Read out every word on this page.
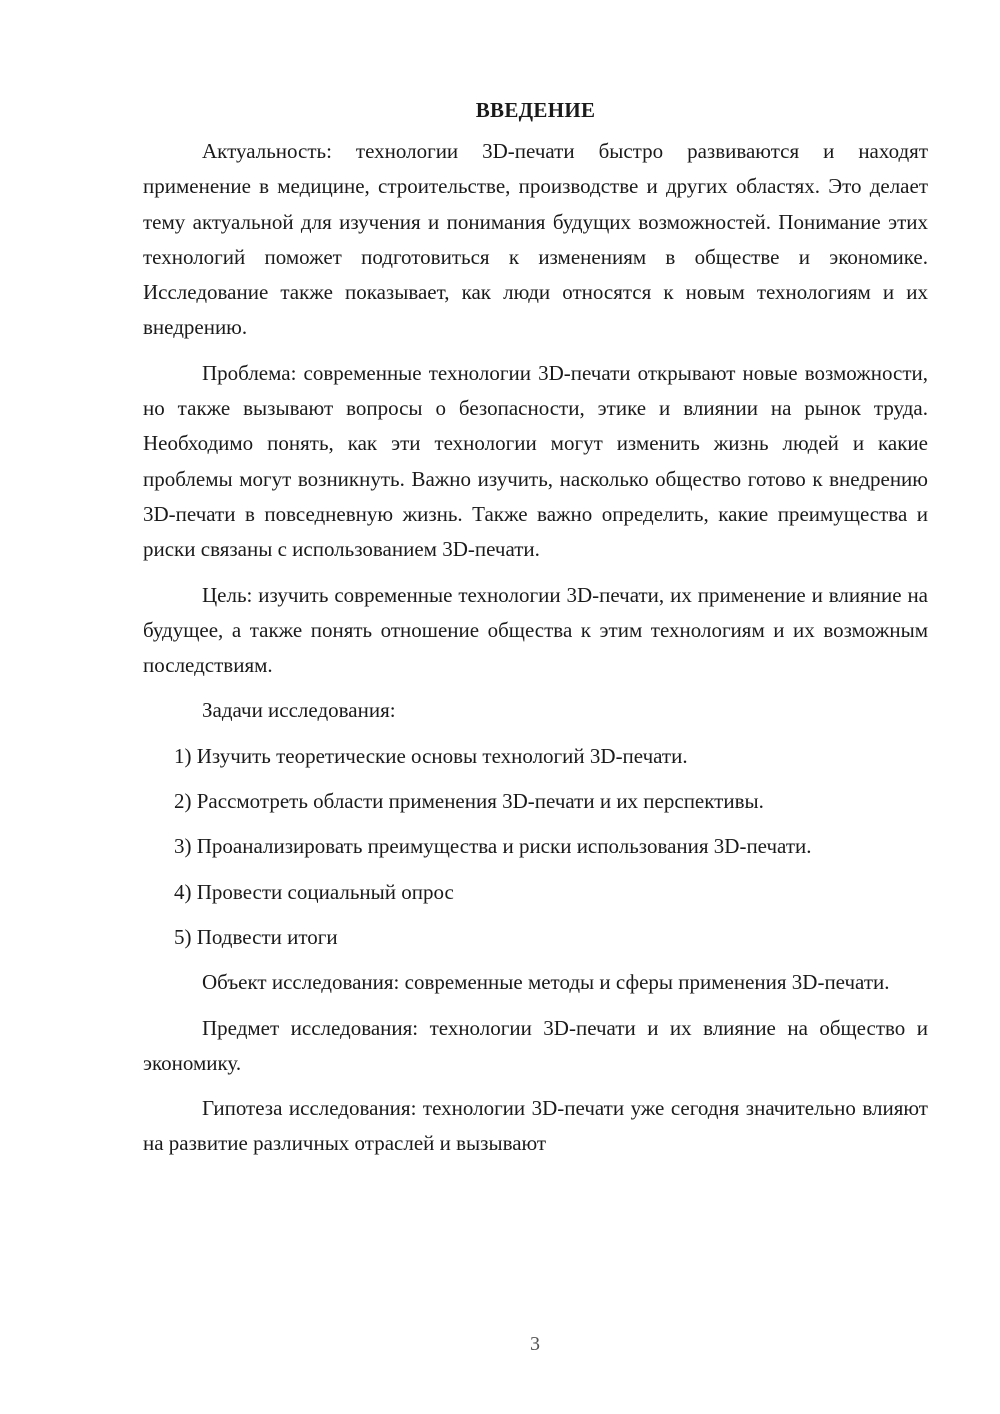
ВВЕДЕНИЕ

Актуальность: технологии 3D-печати быстро развиваются и находят применение в медицине, строительстве, производстве и других областях. Это делает тему актуальной для изучения и понимания будущих возможностей. Понимание этих технологий поможет подготовиться к изменениям в обществе и экономике. Исследование также показывает, как люди относятся к новым технологиям и их внедрению.

Проблема: современные технологии 3D-печати открывают новые возможности, но также вызывают вопросы о безопасности, этике и влиянии на рынок труда. Необходимо понять, как эти технологии могут изменить жизнь людей и какие проблемы могут возникнуть. Важно изучить, насколько общество готово к внедрению 3D-печати в повседневную жизнь. Также важно определить, какие преимущества и риски связаны с использованием 3D-печати.

Цель: изучить современные технологии 3D-печати, их применение и влияние на будущее, а также понять отношение общества к этим технологиям и их возможным последствиям.

Задачи исследования:

1) Изучить теоретические основы технологий 3D-печати.

2) Рассмотреть области применения 3D-печати и их перспективы.

3) Проанализировать преимущества и риски использования 3D-печати.

4) Провести социальный опрос

5) Подвести итоги

Объект исследования: современные методы и сферы применения 3D-печати.

Предмет исследования: технологии 3D-печати и их влияние на общество и экономику.

Гипотеза исследования: технологии 3D-печати уже сегодня значительно влияют на развитие различных отраслей и вызывают

3
